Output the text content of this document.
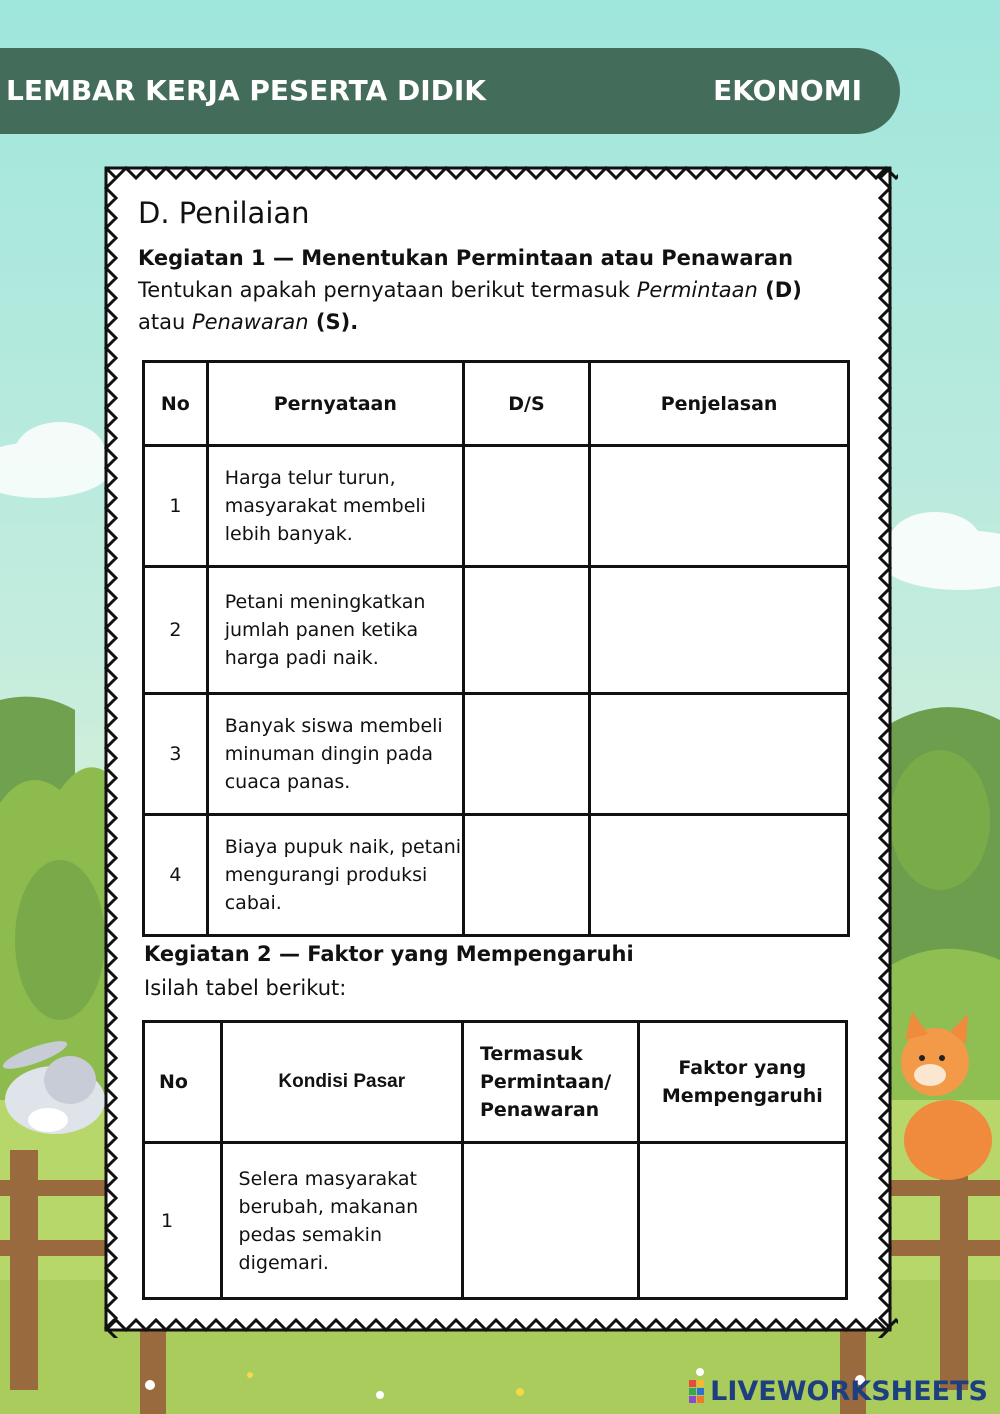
LEMBAR KERJA PESERTA DIDIK	EKONOMI
D. Penilaian
Kegiatan 1 — Menentukan Permintaan atau Penawaran
Tentukan apakah pernyataan berikut termasuk Permintaan (D)
atau Penawaran (S).
No	Pernyataan	D/S	Penjelasan
1	Harga telur turun, masyarakat membeli lebih banyak.		
2	Petani meningkatkan jumlah panen ketika harga padi naik.		
3	Banyak siswa membeli minuman dingin pada cuaca panas.		
4	Biaya pupuk naik, petani mengurangi produksi cabai.		
Kegiatan 2 — Faktor yang Mempengaruhi
Isilah tabel berikut:
No	Kondisi Pasar	Termasuk Permintaan/ Penawaran	Faktor yang Mempengaruhi
1	Selera masyarakat berubah, makanan pedas semakin digemari.		
LIVEWORKSHEETS
